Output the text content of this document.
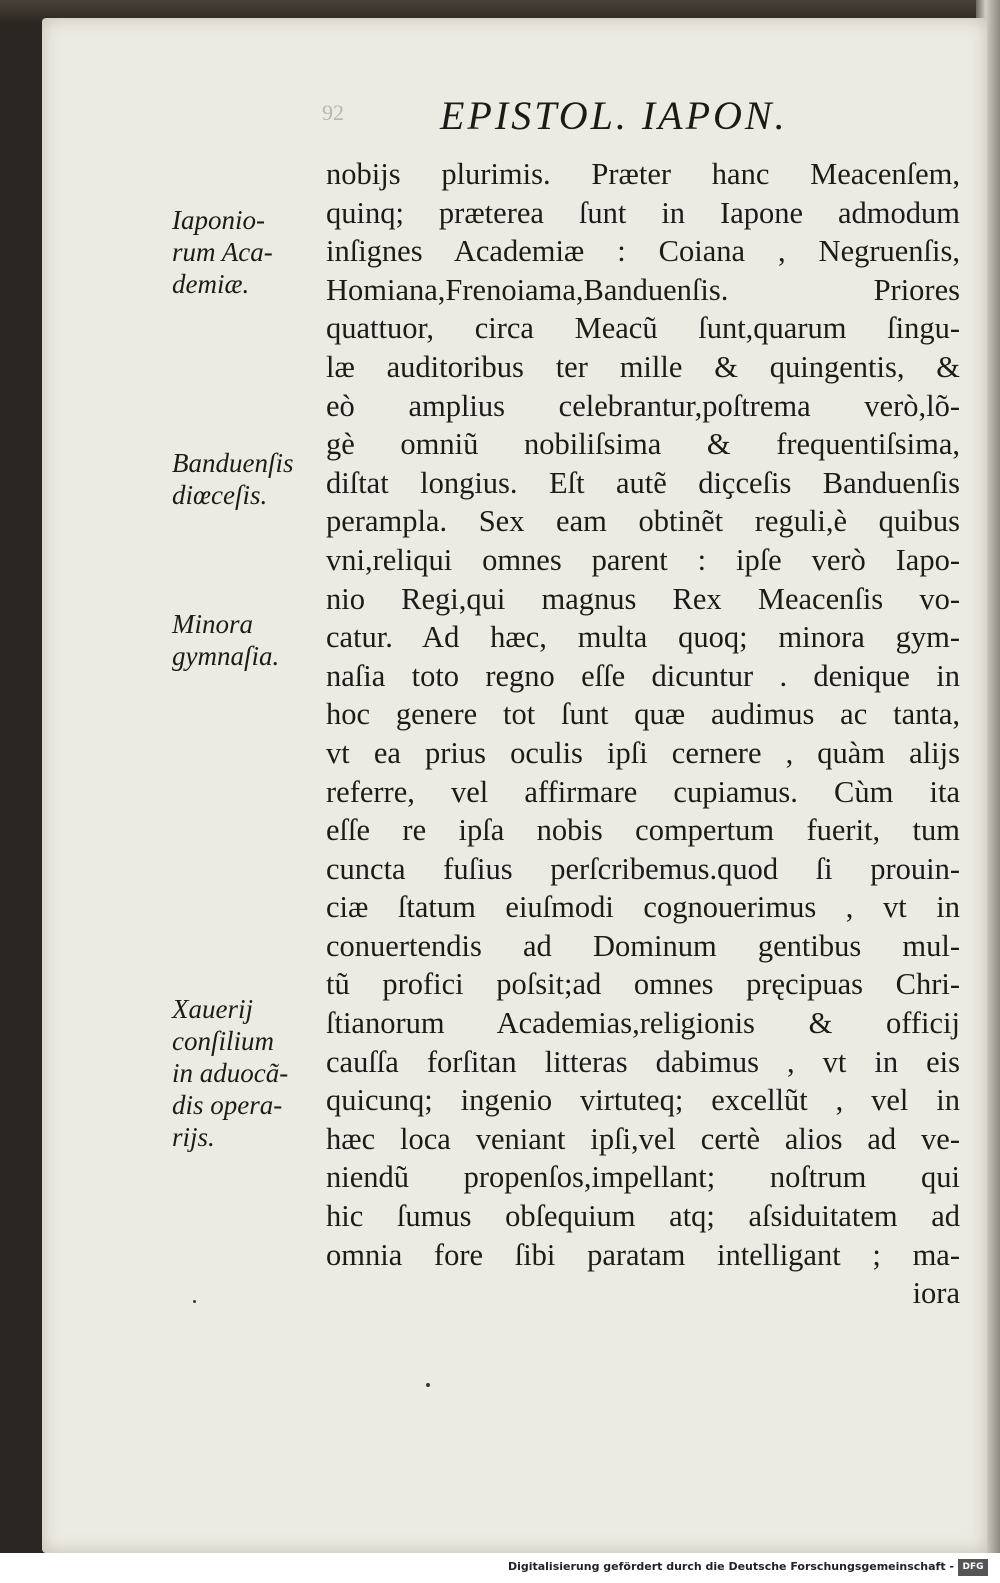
92 EPISTOL. IAPON.
nobijs plurimis. Præter hanc Meacenſem,
quinq; prӕterea ſunt in Iapone admodum
inſignes Academiӕ : Coiana , Negruenſis,
Homiana,Frenoiama,Banduenſis. Priores
quattuor, circa Meacũ ſunt,quarum ſingu-
lӕ auditoribus ter mille & quingentis, &
eò amplius celebrantur,poſtrema verò,lõ-
gè omniũ nobiliſsima & frequentiſsima,
diſtat longius. Eſt autẽ diҫceſis Banduenſis
perampla. Sex eam obtinẽt reguli,è quibus
vni,reliqui omnes parent : ipſe verò Iapo-
nio Regi,qui magnus Rex Meacenſis vo-
catur. Ad hӕc, multa quoq; minora gym-
naſia toto regno eſſe dicuntur . denique in
hoc genere tot ſunt quӕ audimus ac tanta,
vt ea prius oculis ipſi cernere , quàm alijs
referre, vel affirmare cupiamus. Cùm ita
eſſe re ipſa nobis compertum fuerit, tum
cuncta fuſius perſcribemus.quod ſi prouin-
ciӕ ſtatum eiuſmodi cognouerimus , vt in
conuertendis ad Dominum gentibus mul-
tũ profici poſsit;ad omnes pręcipuas Chri-
ſtianorum Academias,religionis & officij
cauſſa forſitan litteras dabimus , vt in eis
quicunq; ingenio virtuteq; excellũt , vel in
hӕc loca veniant ipſi,vel certè alios ad ve-
niendũ propenſos,impellant; noſtrum qui
hic ſumus obſequium atq; aſsiduitatem ad
omnia fore ſibi paratam intelligant ; ma-
iora
Iaponio-
rum Aca-
demiӕ.
Banduenſis
diœceſis.
Minora
gymnaſia.
Xauerij
conſilium
in aduocã-
dis opera-
rijs.
Digitalisierung gefördert durch die Deutsche Forschungsgemeinschaft - DFG
